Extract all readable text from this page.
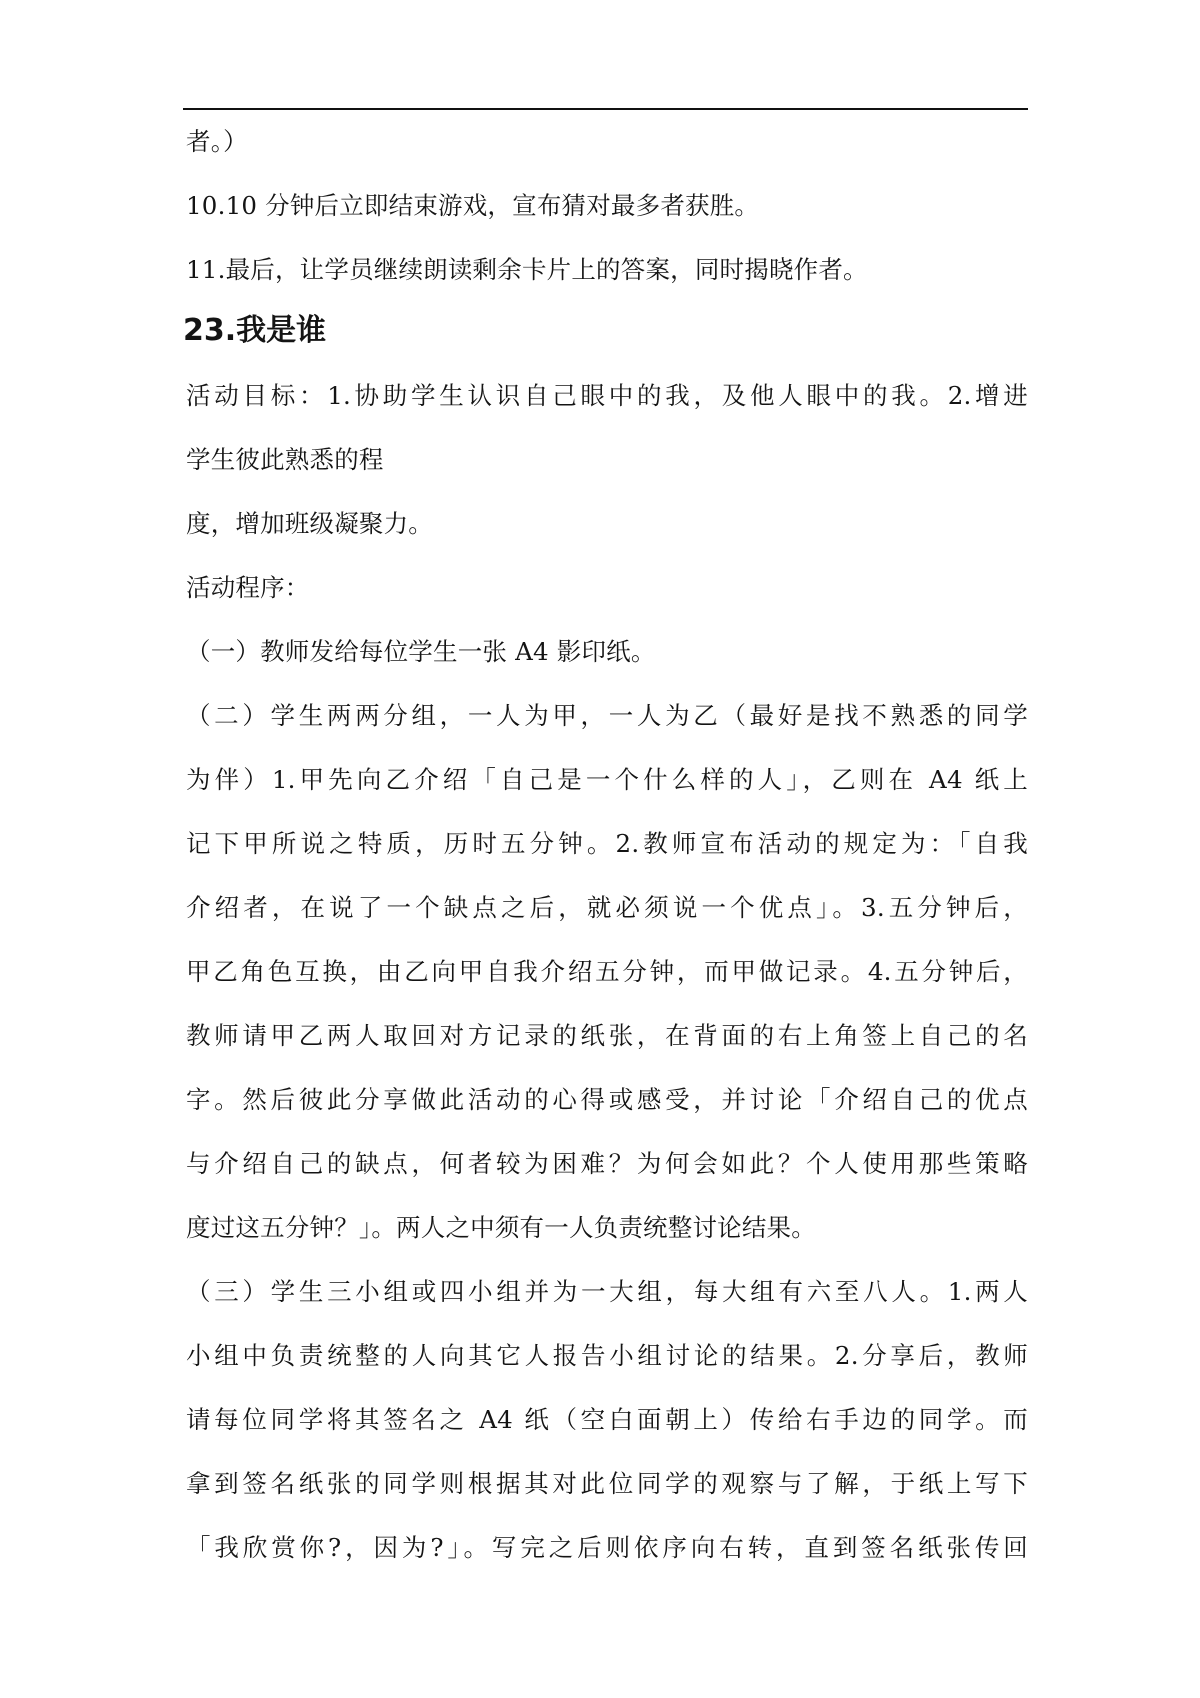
者。）
10.10 分钟后立即结束游戏，宣布猜对最多者获胜。
11.最后，让学员继续朗读剩余卡片上的答案，同时揭晓作者。
23.我是谁
活动目标：1.协助学生认识自己眼中的我，及他人眼中的我。2.增进
学生彼此熟悉的程
度，增加班级凝聚力。
活动程序：
（一）教师发给每位学生一张 A4 影印纸。
（二）学生两两分组，一人为甲，一人为乙（最好是找不熟悉的同学
为伴）1.甲先向乙介绍「自己是一个什么样的人」，乙则在 A4 纸上
记下甲所说之特质，历时五分钟。2.教师宣布活动的规定为：「自我
介绍者，在说了一个缺点之后，就必须说一个优点」。3.五分钟后，
甲乙角色互换，由乙向甲自我介绍五分钟，而甲做记录。4.五分钟后，
教师请甲乙两人取回对方记录的纸张，在背面的右上角签上自己的名
字。然后彼此分享做此活动的心得或感受，并讨论「介绍自己的优点
与介绍自己的缺点，何者较为困难？为何会如此？个人使用那些策略
度过这五分钟？」。两人之中须有一人负责统整讨论结果。
（三）学生三小组或四小组并为一大组，每大组有六至八人。1.两人
小组中负责统整的人向其它人报告小组讨论的结果。2.分享后，教师
请每位同学将其签名之 A4 纸（空白面朝上）传给右手边的同学。而
拿到签名纸张的同学则根据其对此位同学的观察与了解，于纸上写下
「我欣赏你?，因为?」。写完之后则依序向右转，直到签名纸张传回
